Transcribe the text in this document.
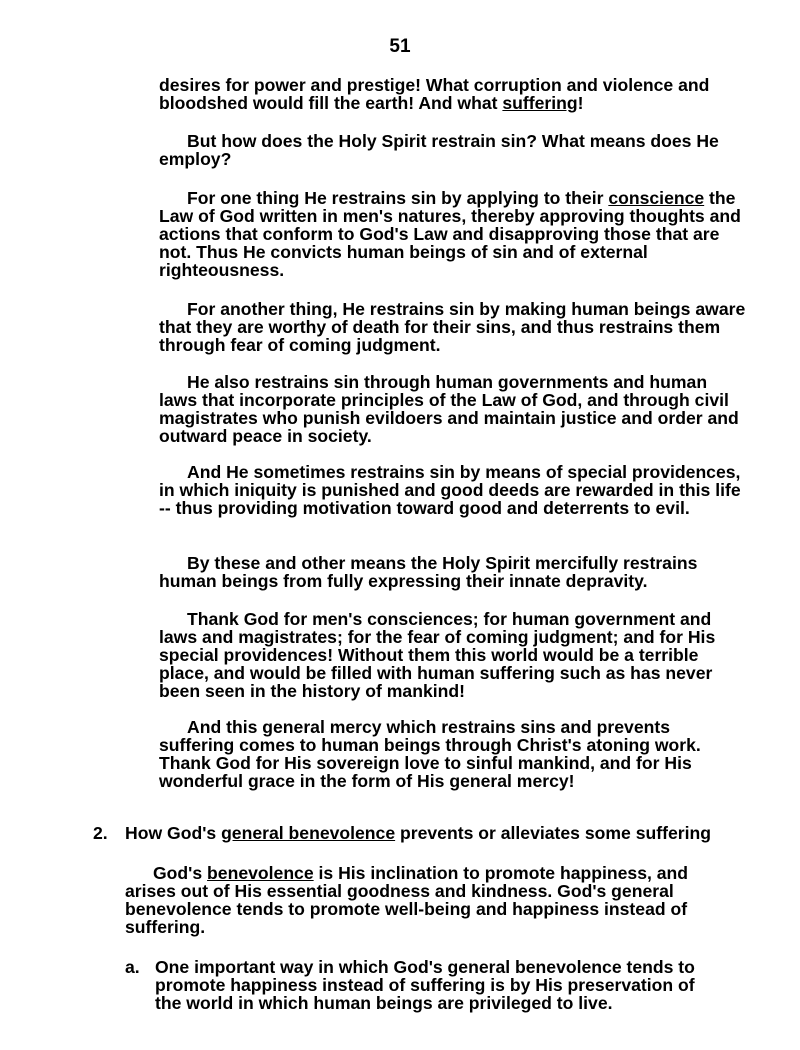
51

desires for power and prestige! What corruption and violence and bloodshed would fill the earth! And what suffering!

But how does the Holy Spirit restrain sin? What means does He employ?

For one thing He restrains sin by applying to their conscience the Law of God written in men's natures, thereby approving thoughts and actions that conform to God's Law and disapproving those that are not. Thus He convicts human beings of sin and of external righteousness.

For another thing, He restrains sin by making human beings aware that they are worthy of death for their sins, and thus restrains them through fear of coming judgment.

He also restrains sin through human governments and human laws that incorporate principles of the Law of God, and through civil magistrates who punish evildoers and maintain justice and order and outward peace in society.

And He sometimes restrains sin by means of special providences, in which iniquity is punished and good deeds are rewarded in this life -- thus providing motivation toward good and deterrents to evil.

By these and other means the Holy Spirit mercifully restrains human beings from fully expressing their innate depravity.

Thank God for men's consciences; for human government and laws and magistrates; for the fear of coming judgment; and for His special providences! Without them this world would be a terrible place, and would be filled with human suffering such as has never been seen in the history of mankind!

And this general mercy which restrains sins and prevents suffering comes to human beings through Christ's atoning work. Thank God for His sovereign love to sinful mankind, and for His wonderful grace in the form of His general mercy!

2. How God's general benevolence prevents or alleviates some suffering

God's benevolence is His inclination to promote happiness, and arises out of His essential goodness and kindness. God's general benevolence tends to promote well-being and happiness instead of suffering.

a. One important way in which God's general benevolence tends to promote happiness instead of suffering is by His preservation of the world in which human beings are privileged to live.
